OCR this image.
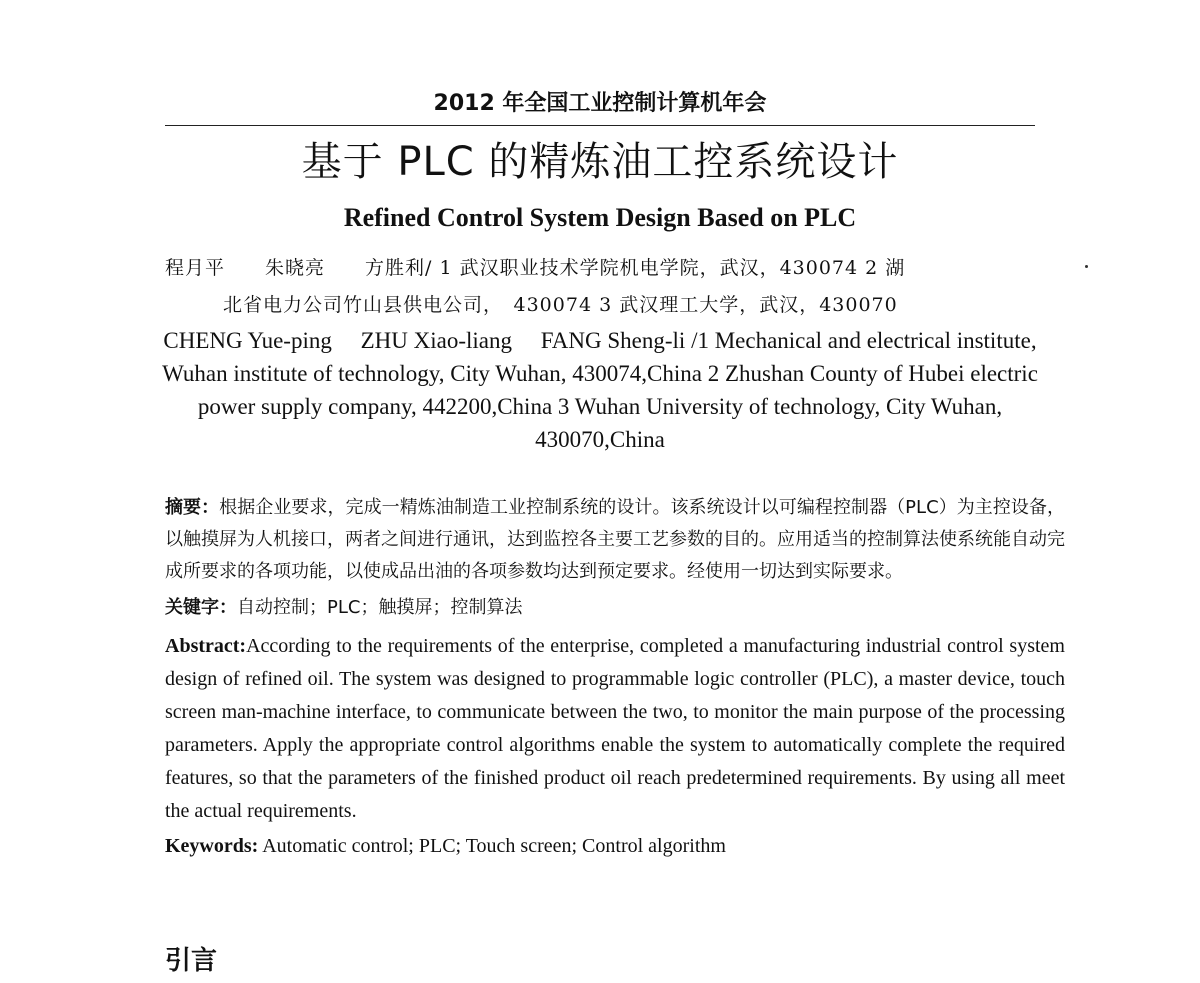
2012 年全国工业控制计算机年会
基于 PLC 的精炼油工控系统设计
Refined Control System Design Based on PLC
程月平　　朱晓亮　　方胜利/ 1 武汉职业技术学院机电学院，武汉，430074 2 湖
北省电力公司竹山县供电公司，　430074 3 武汉理工大学，武汉，430070
CHENG Yue-ping　 ZHU Xiao-liang　 FANG Sheng-li /1 Mechanical and electrical institute, Wuhan institute of technology, City Wuhan, 430074,China 2 Zhushan County of Hubei electric power supply company, 442200,China 3 Wuhan University of technology, City Wuhan, 430070,China

摘要：根据企业要求，完成一精炼油制造工业控制系统的设计。该系统设计以可编程控制器（PLC）为主控设备，以触摸屏为人机接口，两者之间进行通讯，达到监控各主要工艺参数的目的。应用适当的控制算法使系统能自动完成所要求的各项功能，以使成品出油的各项参数均达到预定要求。经使用一切达到实际要求。

关键字：自动控制；PLC；触摸屏；控制算法

Abstract:According to the requirements of the enterprise, completed a manufacturing industrial control system design of refined oil. The system was designed to programmable logic controller (PLC), a master device, touch screen man-machine interface, to communicate between the two, to monitor the main purpose of the processing parameters. Apply the appropriate control algorithms enable the system to automatically complete the required features, so that the parameters of the finished product oil reach predetermined requirements. By using all meet the actual requirements.

Keywords: Automatic control; PLC; Touch screen; Control algorithm

引言
